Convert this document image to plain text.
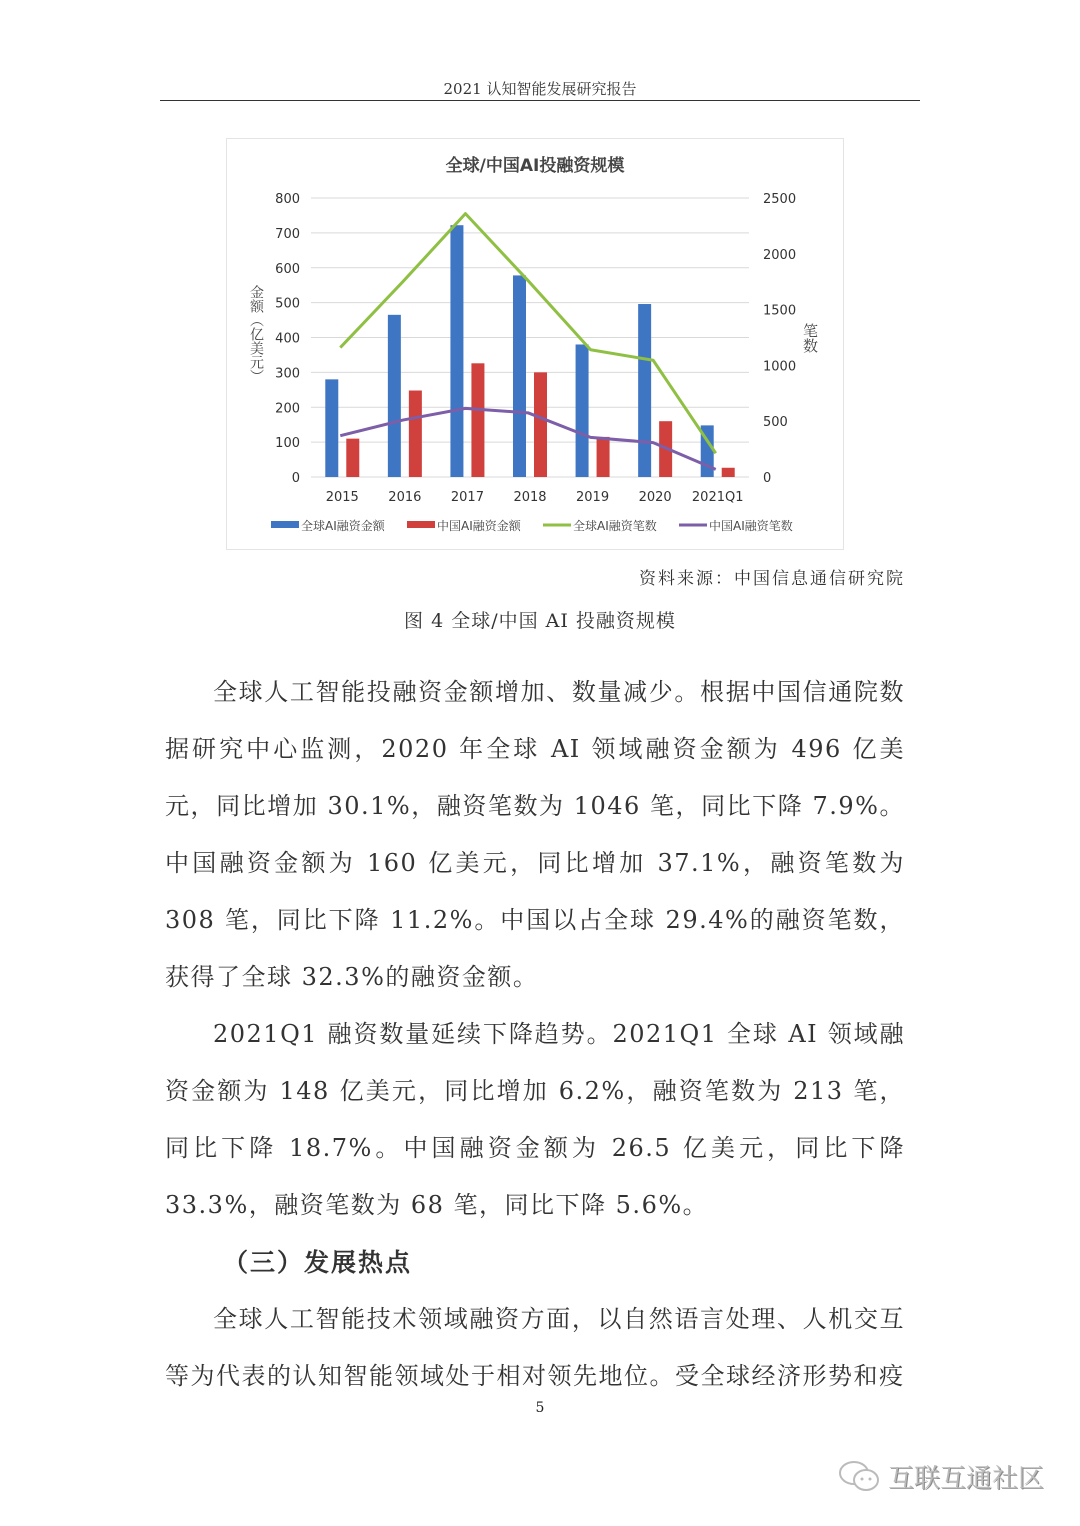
2021 认知智能发展研究报告
全球/中国AI投融资规模
0
100
200
300
400
500
600
700
800
0
500
1000
1500
2000
2500
2015 2016 2017 2018 2019 2020 2021Q1
全球AI融资金额	中国AI融资金额	全球AI融资笔数	中国AI融资笔数
金额（亿美元）	笔数
资料来源：中国信息通信研究院
图 4 全球/中国 AI 投融资规模

全球人工智能投融资金额增加、数量减少。根据中国信通院数据研究中心监测，2020 年全球 AI 领域融资金额为 496 亿美元，同比增加 30.1%，融资笔数为 1046 笔，同比下降 7.9%。中国融资金额为 160 亿美元，同比增加 37.1%，融资笔数为 308 笔，同比下降 11.2%。中国以占全球 29.4%的融资笔数，获得了全球 32.3%的融资金额。

2021Q1 融资数量延续下降趋势。2021Q1 全球 AI 领域融资金额为 148 亿美元，同比增加 6.2%，融资笔数为 213 笔，同比下降 18.7%。中国融资金额为 26.5 亿美元，同比下降 33.3%，融资笔数为 68 笔，同比下降 5.6%。

（三）发展热点

全球人工智能技术领域融资方面，以自然语言处理、人机交互等为代表的认知智能领域处于相对领先地位。受全球经济形势和疫

5
互联互通社区
